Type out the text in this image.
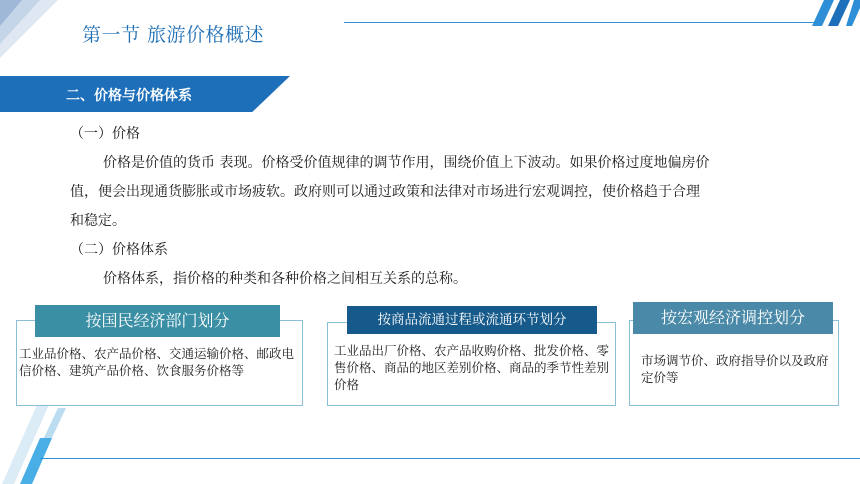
第一节 旅游价格概述
二、价格与价格体系
（一）价格
价格是价值的货币 表现。价格受价值规律的调节作用，围绕价值上下波动。如果价格过度地偏房价
值，便会出现通货膨胀或市场疲软。政府则可以通过政策和法律对市场进行宏观调控，使价格趋于合理
和稳定。
（二）价格体系
价格体系，指价格的种类和各种价格之间相互关系的总称。
按国民经济部门划分
工业品价格、农产品价格、交通运输价格、邮政电信价格、建筑产品价格、饮食服务价格等
按商品流通过程或流通环节划分
工业品出厂价格、农产品收购价格、批发价格、零售价格、商品的地区差别价格、商品的季节性差别价格
按宏观经济调控划分
市场调节价、政府指导价以及政府定价等
